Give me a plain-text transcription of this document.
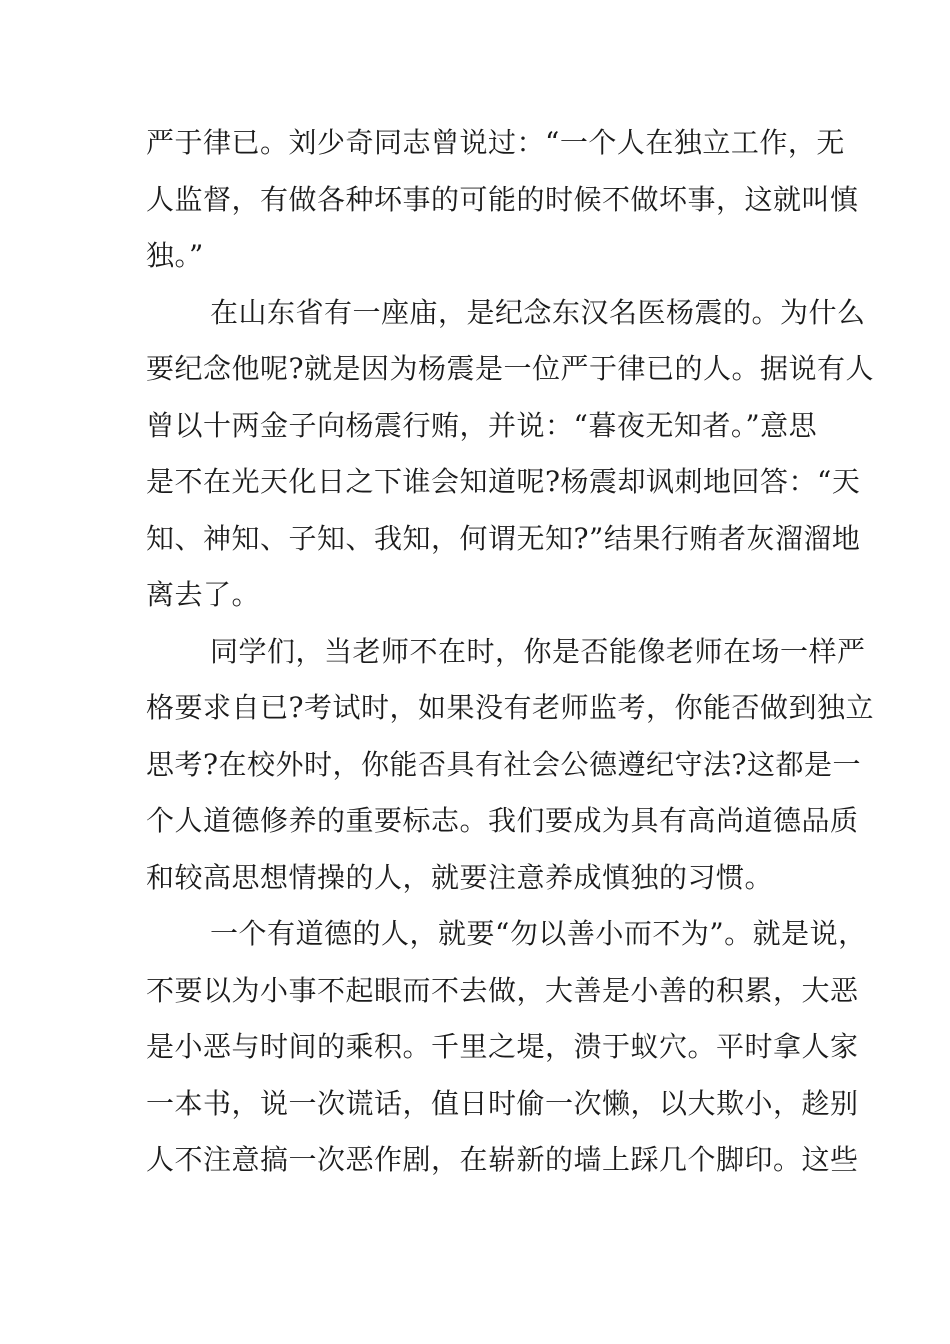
严于律已。刘少奇同志曾说过：“一个人在独立工作，无
人监督，有做各种坏事的可能的时候不做坏事，这就叫慎
独。”
在山东省有一座庙，是纪念东汉名医杨震的。为什么
要纪念他呢?就是因为杨震是一位严于律已的人。据说有人
曾以十两金子向杨震行贿，并说：“暮夜无知者。”意思
是不在光天化日之下谁会知道呢?杨震却讽刺地回答：“天
知、神知、子知、我知，何谓无知?”结果行贿者灰溜溜地
离去了。
同学们，当老师不在时，你是否能像老师在场一样严
格要求自已?考试时，如果没有老师监考，你能否做到独立
思考?在校外时，你能否具有社会公德遵纪守法?这都是一
个人道德修养的重要标志。我们要成为具有高尚道德品质
和较高思想情操的人，就要注意养成慎独的习惯。
一个有道德的人，就要“勿以善小而不为”。就是说，
不要以为小事不起眼而不去做，大善是小善的积累，大恶
是小恶与时间的乘积。千里之堤，溃于蚁穴。平时拿人家
一本书，说一次谎话，值日时偷一次懒，以大欺小，趁别
人不注意搞一次恶作剧，在崭新的墙上踩几个脚印。这些
